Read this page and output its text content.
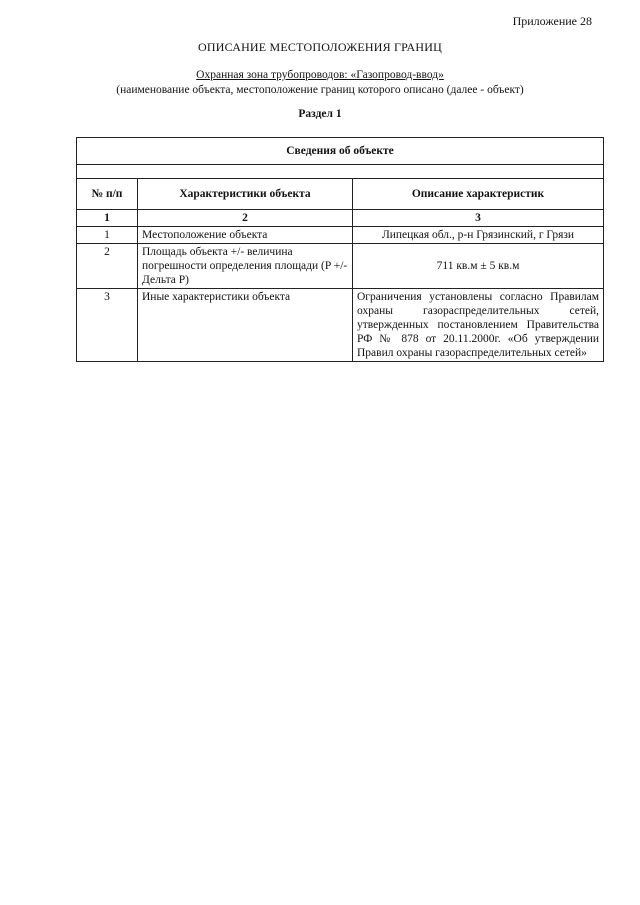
Приложение 28
ОПИСАНИЕ МЕСТОПОЛОЖЕНИЯ ГРАНИЦ
Охранная зона трубопроводов: «Газопровод-ввод»
(наименование объекта, местоположение границ которого описано (далее - объект)
Раздел 1
Сведения об объекте		

№ п/п	Характеристики объекта	Описание характеристик
1	2	3
1	Местоположение объекта	Липецкая обл., р-н Грязинский, г Грязи
2	Площадь объекта +/- величина погрешности определения площади (P +/- Дельта P)	711 кв.м ± 5 кв.м
3	Иные характеристики объекта	Ограничения установлены согласно Правилам охраны газораспределительных сетей, утвержденных постановлением Правительства РФ № 878 от 20.11.2000г. «Об утверждении Правил охраны газораспределительных сетей»
